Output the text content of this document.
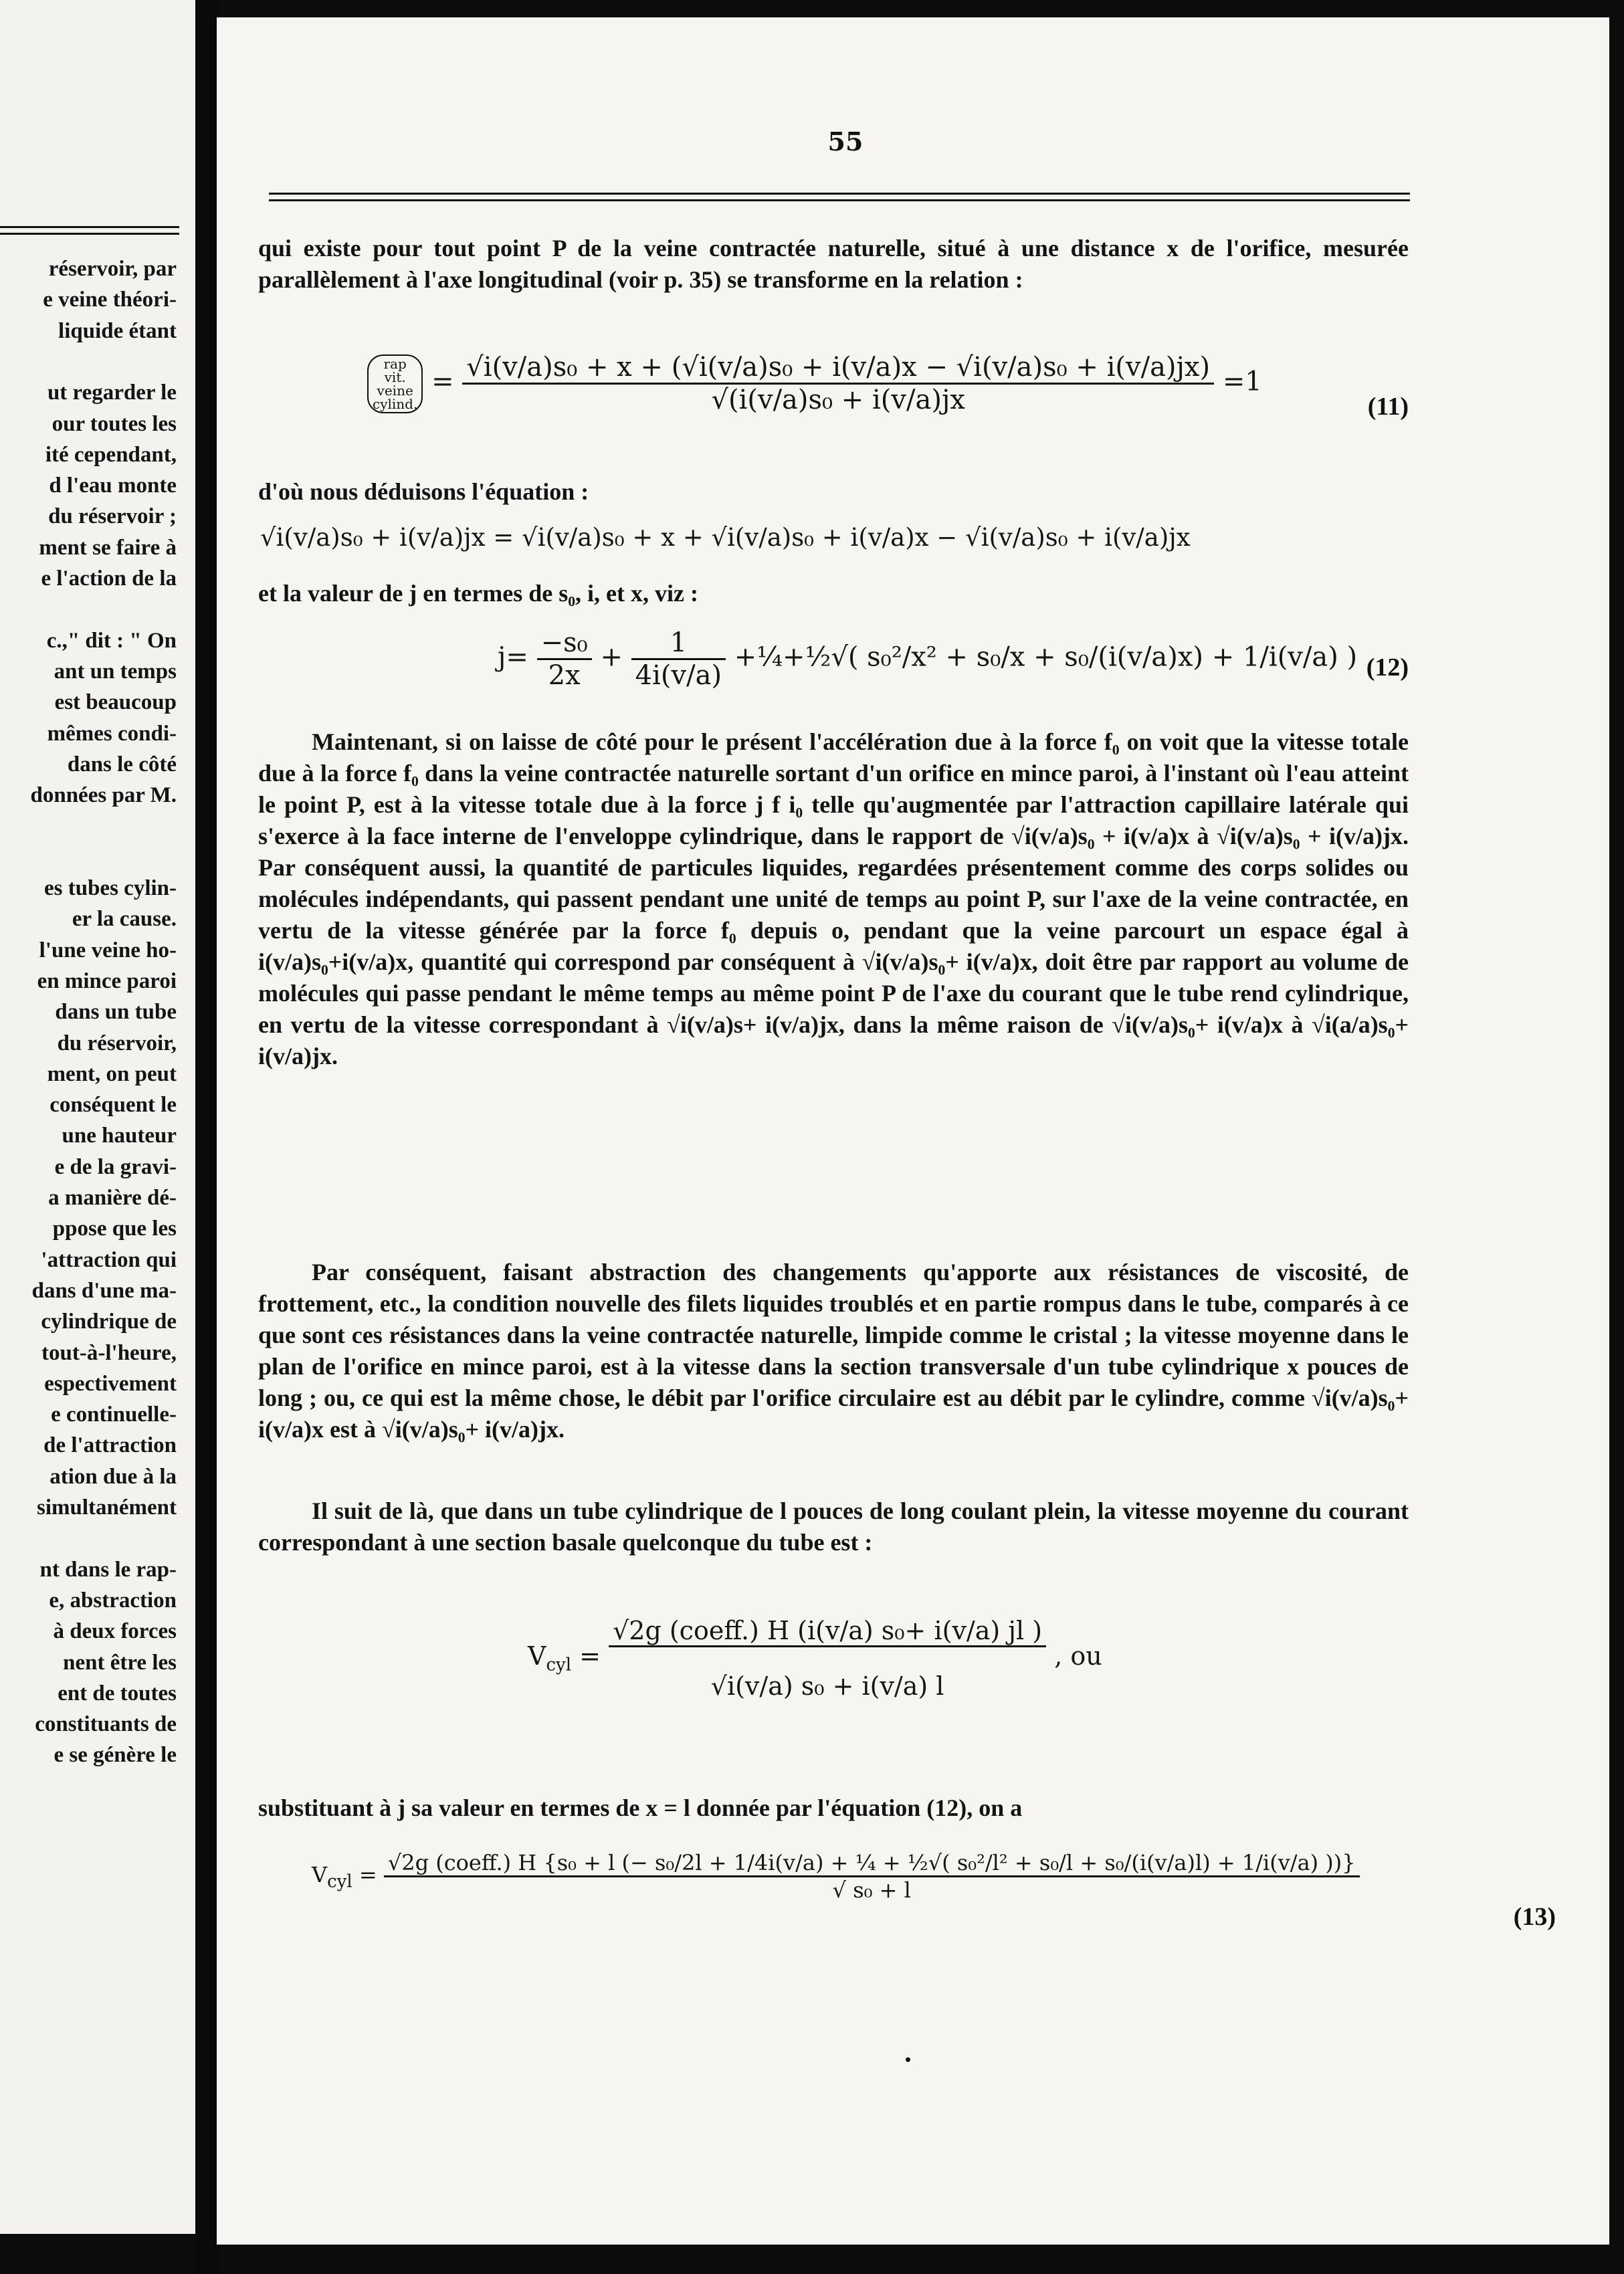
réservoir, par
e veine théori-
liquide étant
ut regarder le
our toutes les
ité cependant,
d l'eau monte
du réservoir ;
ment se faire à
e l'action de la
c.," dit : " On
ant un temps
est beaucoup
mêmes condi-
dans le côté
données par M.
es tubes cylin-
er la cause.
l'une veine ho-
en mince paroi
dans un tube
du réservoir,
ment, on peut
conséquent le
une hauteur
e de la gravi-
a manière dé-
ppose que les
'attraction qui
dans d'une ma-
cylindrique de
tout-à-l'heure,
espectivement
e continuelle-
de l'attraction
ation due à la
simultanément
nt dans le rap-
e, abstraction
à deux forces
nent être les
ent de toutes
constituants de
e se génère le
55

qui existe pour tout point P de la veine contractée naturelle, situé à une distance x de l'orifice, mesurée parallèlement à l'axe longitudinal (voir p. 35) se transforme en la relation :

rap
vit.
veine
cylind. = $\frac{\text{√i(v/a)s₀ + x + (√i(v/a)s₀ + i(v/a)x − √i(v/a)s₀ + i(v/a)jx)}}{\text{√(i(v/a)s₀ + i(v/a)jx}} =1$
(11)

d'où nous déduisons l'équation :

√i(v/a)s₀ + i(v/a)jx = √i(v/a)s₀ + x + √i(v/a)s₀ + i(v/a)x − √i(v/a)s₀ + i(v/a)jx

et la valeur de j en termes de s₀, i, et x, viz :

$j= \frac{\text{−s₀}}{2x} + \frac{1}{4i(v/a)}$ +¼+½√( s₀²/x² + s₀/x + s₀/(i(v/a)x) + 1/i(v/a) ) (12)

Maintenant, si on laisse de côté pour le présent l'accélération due à la force f₀ on voit que la vitesse totale due à la force f₀ dans la veine contractée naturelle sortant d'un orifice en mince paroi, à l'instant où l'eau atteint le point P, est à la vitesse totale due à la force j f i₀ telle qu'augmentée par l'attraction capillaire latérale qui s'exerce à la face interne de l'enveloppe cylindrique, dans le rapport de √i(v/a)s₀ + i(v/a)x à √i(v/a)s₀ + i(v/a)jx. Par conséquent aussi, la quantité de particules liquides, regardées présentement comme des corps solides ou molécules indépendants, qui passent pendant une unité de temps au point P, sur l'axe de la veine contractée, en vertu de la vitesse générée par la force f₀ depuis o, pendant que la veine parcourt un espace égal à i(v/a)s₀+i(v/a)x, quantité qui correspond par conséquent à √i(v/a)s₀+ i(v/a)x, doit être par rapport au volume de molécules qui passe pendant le même temps au même point P de l'axe du courant que le tube rend cylindrique, en vertu de la vitesse correspondant à √i(v/a)s+ i(v/a)jx, dans la même raison de √i(v/a)s₀+ i(v/a)x à √i(a/a)s₀+ i(v/a)jx.

Par conséquent, faisant abstraction des changements qu'apporte aux résistances de viscosité, de frottement, etc., la condition nouvelle des filets liquides troublés et en partie rompus dans le tube, comparés à ce que sont ces résistances dans la veine contractée naturelle, limpide comme le cristal ; la vitesse moyenne dans le plan de l'orifice en mince paroi, est à la vitesse dans la section transversale d'un tube cylindrique x pouces de long ; ou, ce qui est la même chose, le débit par l'orifice circulaire est au débit par le cylindre, comme √i(v/a)s₀+ i(v/a)x est à √i(v/a)s₀+ i(v/a)jx.

Il suit de là, que dans un tube cylindrique de l pouces de long coulant plein, la vitesse moyenne du courant correspondant à une section basale quelconque du tube est :

$V_{cyl} = \frac{\text{√2g (coeff.) H (i(v/a) s₀+ i(v/a) jl )}}{\text{√i(v/a) s₀ + i(v/a) l}}$ , ou

substituant à j sa valeur en termes de x = l donnée par l'équation (12), on a

$V_{cyl} = √2g$ (coeff.) H {s₀ + l (− s₀/2l + 1/4i(v/a) + ¼ + ½√( s₀²/l² + s₀/l + s₀/(i(v/a)l) + 1/i(v/a) ))}
√ s₀ + l
(13)
